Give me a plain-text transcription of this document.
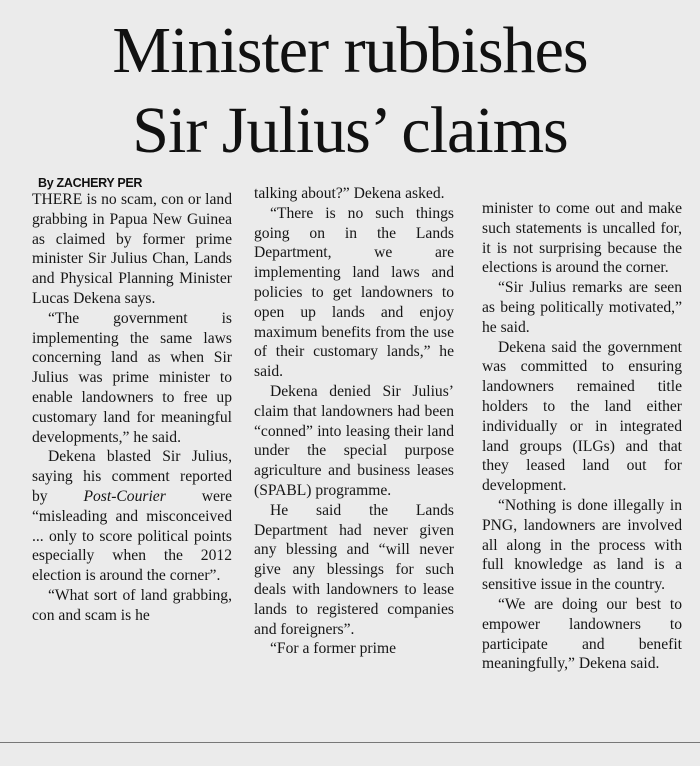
Minister rubbishes
Sir Julius’ claims
By ZACHERY PER

THERE is no scam, con or land grabbing in Papua New Guinea as claimed by former prime minister Sir Julius Chan, Lands and Physical Planning Minister Lucas Dekena says.

“The government is implementing the same laws concerning land as when Sir Julius was prime minister to enable landowners to free up customary land for meaningful developments,” he said.

Dekena blasted Sir Julius, saying his comment reported by Post-Courier were “misleading and misconceived ... only to score political points especially when the 2012 election is around the corner”.

“What sort of land grabbing, con and scam is he

talking about?” Dekena asked.

“There is no such things going on in the Lands Department, we are implementing land laws and policies to get landowners to open up lands and enjoy maximum benefits from the use of their customary lands,” he said.

Dekena denied Sir Julius’ claim that landowners had been “conned” into leasing their land under the special purpose agriculture and business leases (SPABL) programme.

He said the Lands Department had never given any blessing and “will never give any blessings for such deals with landowners to lease lands to registered companies and foreigners”.

“For a former prime

minister to come out and make such statements is uncalled for, it is not surprising because the elections is around the corner.

“Sir Julius remarks are seen as being politically motivated,” he said.

Dekena said the government was committed to ensuring landowners remained title holders to the land either individually or in integrated land groups (ILGs) and that they leased land out for development.

“Nothing is done illegally in PNG, landowners are involved all along in the process with full knowledge as land is a sensitive issue in the country.

“We are doing our best to empower landowners to participate and benefit meaningfully,” Dekena said.
